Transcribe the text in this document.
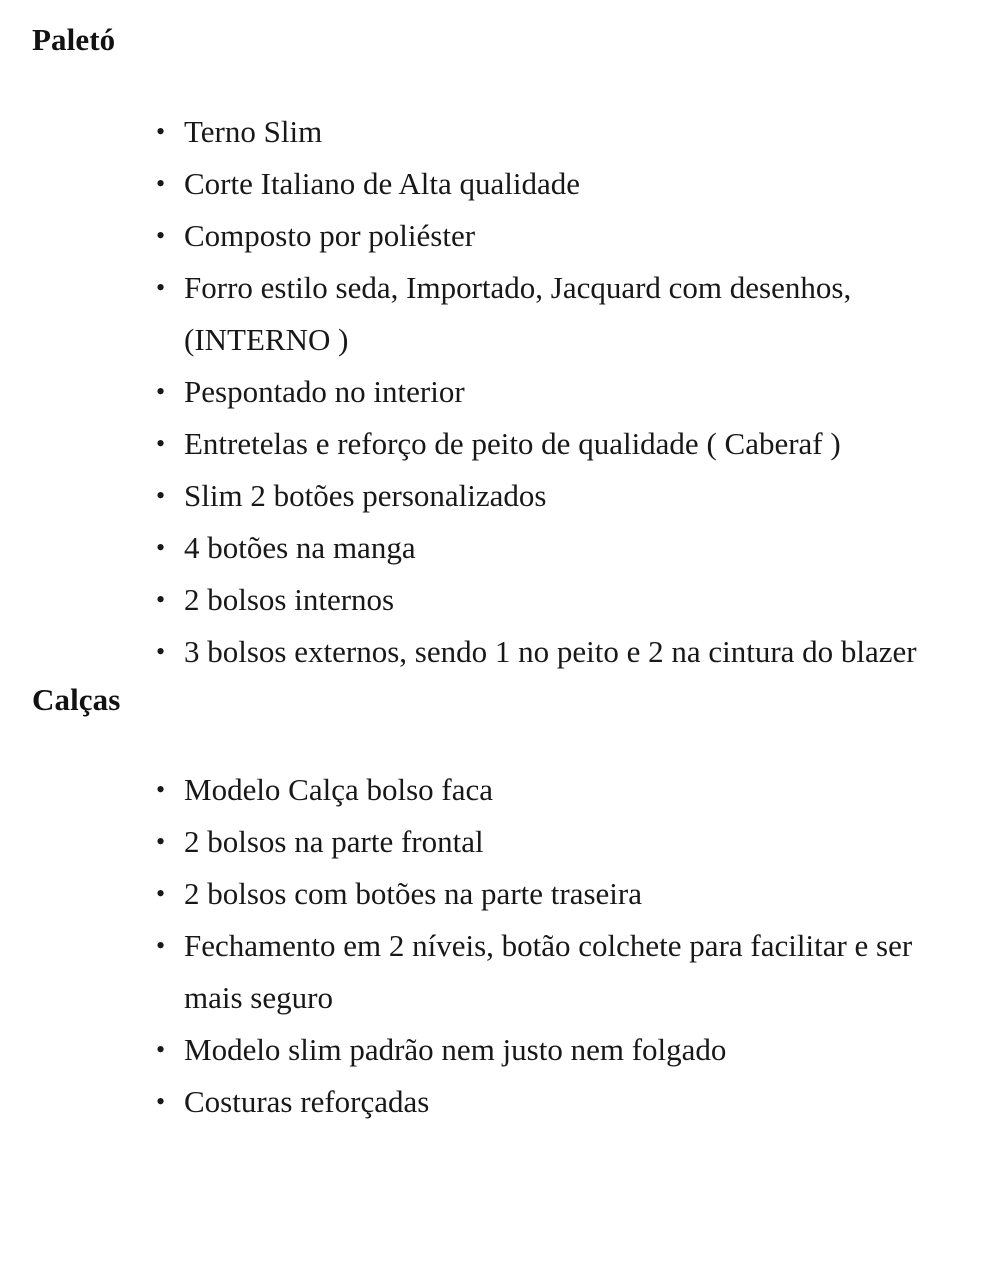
Paletó
• Terno Slim
• Corte Italiano de Alta qualidade
• Composto por poliéster
• Forro estilo seda, Importado, Jacquard com desenhos, (INTERNO )
• Pespontado no interior
• Entretelas e reforço de peito de qualidade ( Caberaf )
• Slim 2 botões personalizados
• 4 botões na manga
• 2 bolsos internos
• 3 bolsos externos, sendo 1 no peito e 2 na cintura do blazer
Calças
• Modelo Calça bolso faca
• 2 bolsos na parte frontal
• 2 bolsos com botões na parte traseira
• Fechamento em 2 níveis, botão colchete para facilitar e ser mais seguro
• Modelo slim padrão nem justo nem folgado
• Costuras reforçadas
